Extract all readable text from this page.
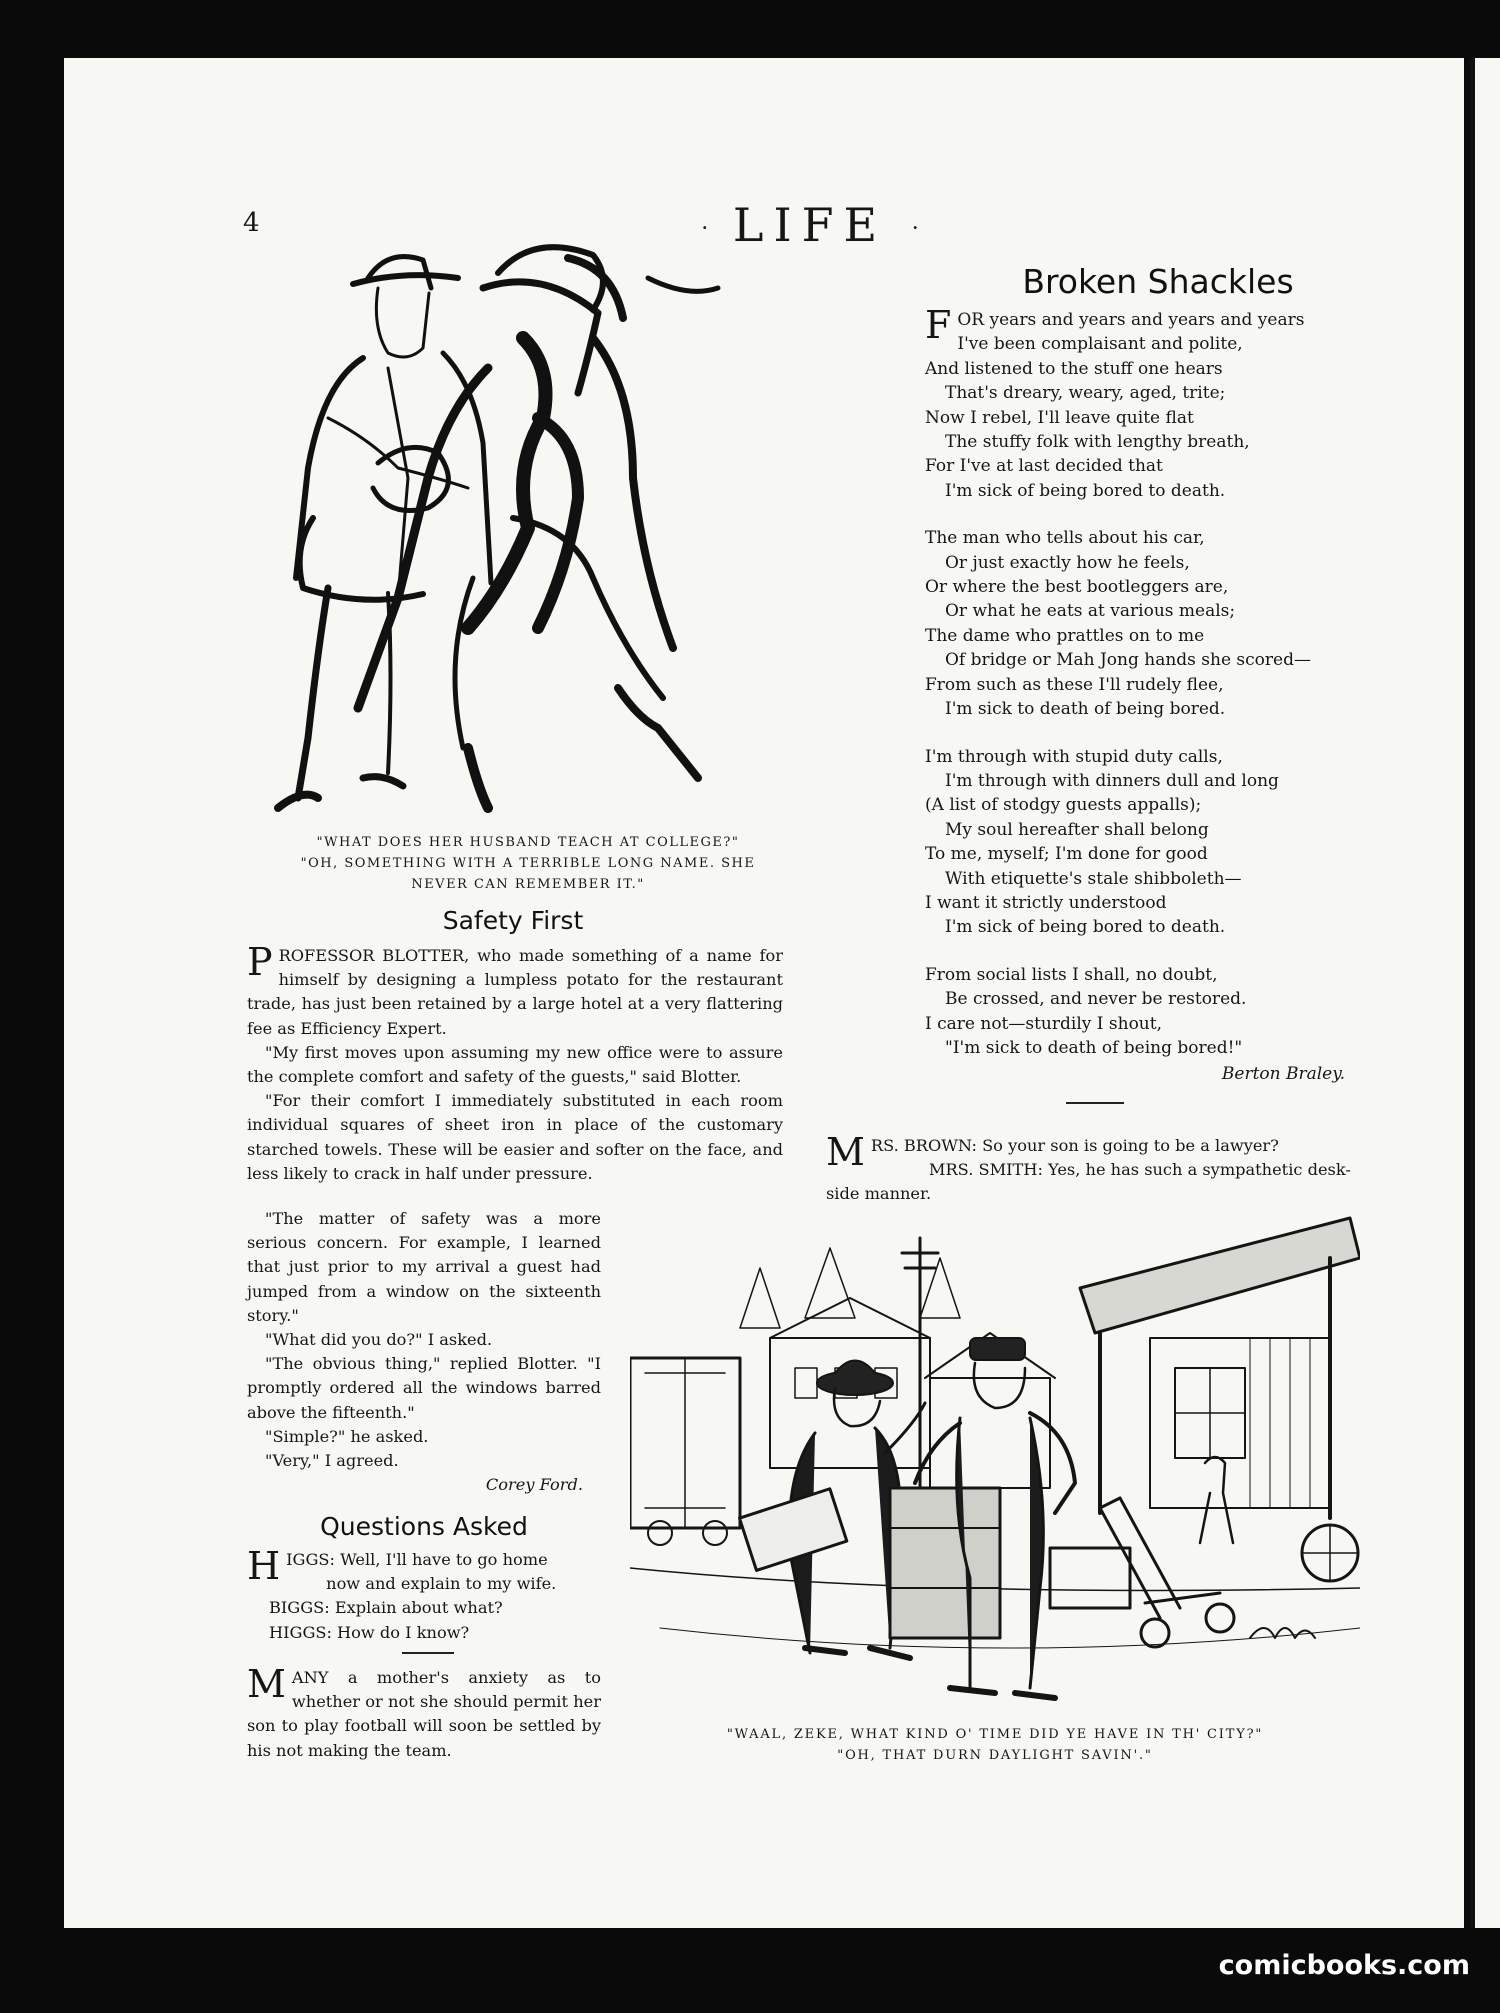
4	· LIFE ·
"WHAT DOES HER HUSBAND TEACH AT COLLEGE?"
"OH, SOMETHING WITH A TERRIBLE LONG NAME. SHE
NEVER CAN REMEMBER IT."
Safety First

PROFESSOR BLOTTER, who made something of a name for himself by designing a lumpless potato for the restaurant trade, has just been retained by a large hotel at a very flattering fee as Efficiency Expert.

"My first moves upon assuming my new office were to assure the complete comfort and safety of the guests," said Blotter.

"For their comfort I immediately substituted in each room individual squares of sheet iron in place of the customary starched towels. These will be easier and softer on the face, and less likely to crack in half under pressure.

"The matter of safety was a more serious concern. For example, I learned that just prior to my arrival a guest had jumped from a window on the sixteenth story."

"What did you do?" I asked.

"The obvious thing," replied Blotter. "I promptly ordered all the windows barred above the fifteenth."

"Simple?" he asked.

"Very," I agreed.

Corey Ford.
Questions Asked

HIGGS: Well, I'll have to go home

now and explain to my wife.

BIGGS: Explain about what?

HIGGS: How do I know?

MANY a mother's anxiety as to whether or not she should permit her son to play football will soon be settled by his not making the team.

Broken Shackles
FOR years and years and years and years
I've been complaisant and polite,
And listened to the stuff one hears
That's dreary, weary, aged, trite;
Now I rebel, I'll leave quite flat
The stuffy folk with lengthy breath,
For I've at last decided that
I'm sick of being bored to death.
The man who tells about his car,
Or just exactly how he feels,
Or where the best bootleggers are,
Or what he eats at various meals;
The dame who prattles on to me
Of bridge or Mah Jong hands she scored—
From such as these I'll rudely flee,
I'm sick to death of being bored.
I'm through with stupid duty calls,
I'm through with dinners dull and long
(A list of stodgy guests appalls);
My soul hereafter shall belong
To me, myself; I'm done for good
With etiquette's stale shibboleth—
I want it strictly understood
I'm sick of being bored to death.
From social lists I shall, no doubt,
Be crossed, and never be restored.
I care not—sturdily I shout,
"I'm sick to death of being bored!"
Berton Braley.

MRS. BROWN: So your son is going to be a lawyer?

MRS. SMITH: Yes, he has such a sympathetic desk-

side manner.

"WAAL, ZEKE, WHAT KIND O' TIME DID YE HAVE IN TH' CITY?"
"OH, THAT DURN DAYLIGHT SAVIN'."
comicbooks.com
